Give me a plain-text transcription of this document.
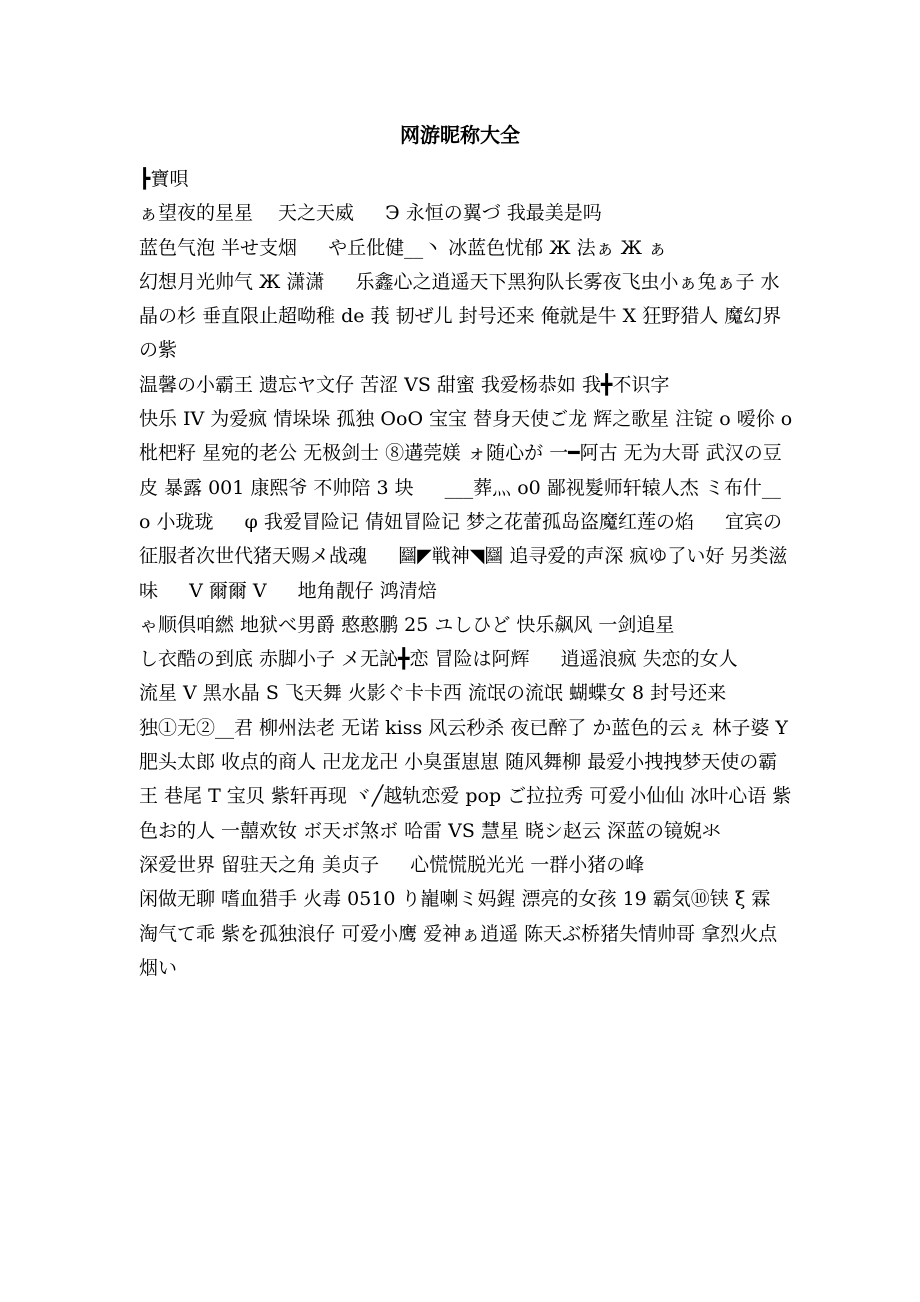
网游昵称大全

┣寶唄

ぁ望夜的星星　 天之天威 　 Э 永恒の翼づ 我最美是吗

蓝色气泡 半せ支烟 　 や丘仳健__丶 冰蓝色忧郁 Ж 法ぁ Ж ぁ

幻想月光帅气 Ж 潇潇 　 乐鑫心之逍遥天下黑狗队长雾夜飞虫小ぁ兔ぁ子 水晶の杉 垂直限止超呦稚 de 莪 韧ぜ儿 封号还来 俺就是牛 X 狂野猎人 魔幻界の紫

温馨の小霸王 遗忘ヤ文仔 苦涩 VS 甜蜜 我爱杨恭如 我╋不识字

快乐 IV 为爱疯 情垛垛 孤独 OoO 宝宝 替身天使ご龙 辉之歌星 注锭 o 嗳伱 o

枇杷籽 星宛的老公 无极剑士 ⑧遘莞媄 ォ随心が 一━阿古 无为大哥 武汉の豆皮 暴露 001 康熙爷 不帅陪 3 块 　 ___葬灬 o0 鄙视髮师轩辕人杰 ミ布什__ o 小珑珑 　 φ 我爱冒险记 倩妞冒险记 梦之花蕾孤岛盗魔红莲の焰 　 宜宾の征服者次世代猪天赐メ战魂 　 圝◤戦神◥圝 追寻爱的声深 疯ゆ了い好 另类滋味 　 V 爾爾 V 　 地角靓仔 鸿清焙

ゃ顺倶咱繎 地狱べ男爵 憨憨鹏 25 ユしひど 快乐飙风 一剑追星

し衣酷の到底 赤脚小子 メ无訫╋恋 冒险は阿辉 　 逍遥浪疯 失恋的女人

流星 V 黑水晶 S 飞天舞 火影ぐ卡卡西 流氓の流氓 蝴蝶女 8 封号还来

独①无②__君 柳州法老 无诺 kiss 风云秒杀 夜已醉了 か蓝色的云ぇ 林子婆 Y

肥头太郎 收点的商人 卍龙龙卍 小臭蛋崽崽 随风舞柳 最爱小拽拽梦天使の霸王 巷尾 T 宝贝 紫轩再现 ヾ╱越轨恋爱 pop ご拉拉秀 可爱小仙仙 冰叶心语 紫色お的人 一囍欢钕 ボ天ボ煞ボ 哈雷 VS 慧星 晓シ赵云 深蓝の镜婗氺

深爱世界 留驻天之角 美贞子 　 心慌慌脱光光 一群小猪の峰

闲做无聊 嗜血猎手 火毒 0510 り巃喇ミ妈鍟 漂亮的女孩 19 霸気⑩铗 ξ 霖 淘气て乖 紫を孤独浪仔 可爱小鹰 爱神ぁ逍遥 陈天ぶ桥猪失情帅哥 拿烈火点烟い
